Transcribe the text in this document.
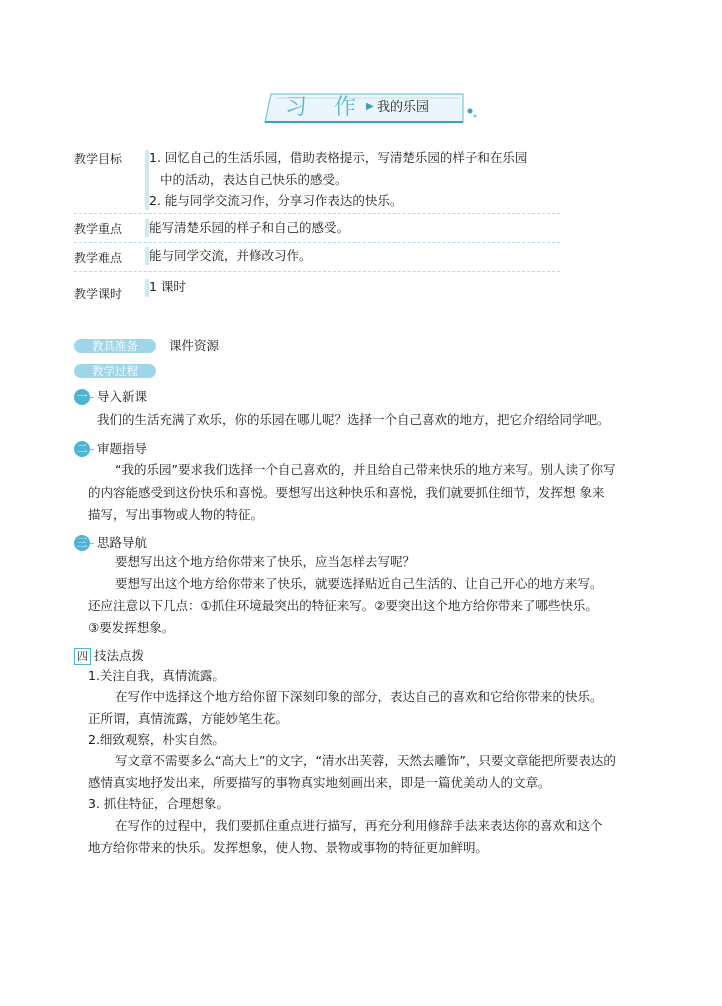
习 作 ▶ 我的乐园
教学目标 1. 回忆自己的生活乐园，借助表格提示，写清楚乐园的样子和在乐园
中的活动，表达自己快乐的感受。
2. 能与同学交流习作，分享习作表达的快乐。
教学重点 能写清楚乐园的样子和自己的感受。
教学难点 能与同学交流，并修改习作。
教学课时 1 课时
教具准备	课件资源
教学过程
一 导入新课
我们的生活充满了欢乐，你的乐园在哪儿呢？选择一个自己喜欢的地方，把它介绍给同学吧。
二 审题指导
“我的乐园”要求我们选择一个自己喜欢的，并且给自己带来快乐的地方来写。别人读了你写
的内容能感受到这份快乐和喜悦。要想写出这种快乐和喜悦，我们就要抓住细节，发挥想 象来
描写，写出事物或人物的特征。
三 思路导航
要想写出这个地方给你带来了快乐，应当怎样去写呢？
要想写出这个地方给你带来了快乐，就要选择贴近自己生活的、让自己开心的地方来写。
还应注意以下几点：①抓住环境最突出的特征来写。②要突出这个地方给你带来了哪些快乐。
③要发挥想象。
四 技法点拨
1.关注自我，真情流露。
在写作中选择这个地方给你留下深刻印象的部分，表达自己的喜欢和它给你带来的快乐。
正所谓，真情流露，方能妙笔生花。
2.细致观察，朴实自然。
写文章不需要多么“高大上”的文字，“清水出芙蓉，天然去雕饰”，只要文章能把所要表达的
感情真实地抒发出来，所要描写的事物真实地刻画出来，即是一篇优美动人的文章。
3. 抓住特征，合理想象。
在写作的过程中，我们要抓住重点进行描写，再充分利用修辞手法来表达你的喜欢和这个
地方给你带来的快乐。发挥想象，使人物、景物或事物的特征更加鲜明。
